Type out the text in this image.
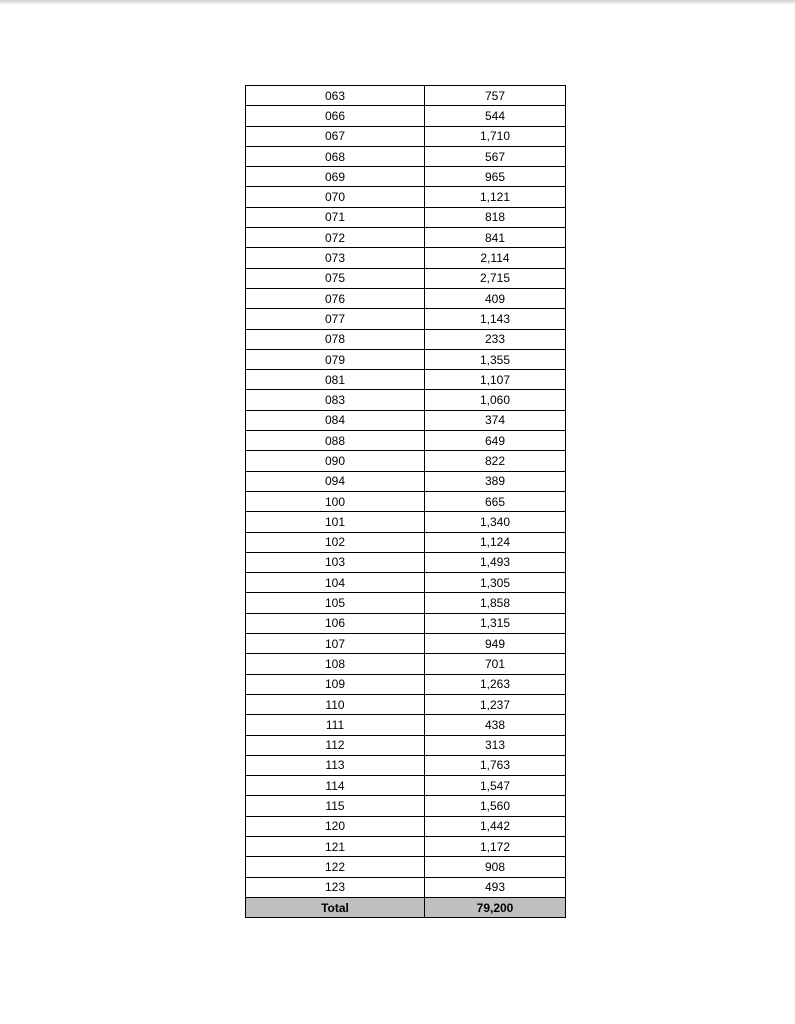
063	757
066	544
067	1,710
068	567
069	965
070	1,121
071	818
072	841
073	2,114
075	2,715
076	409
077	1,143
078	233
079	1,355
081	1,107
083	1,060
084	374
088	649
090	822
094	389
100	665
101	1,340
102	1,124
103	1,493
104	1,305
105	1,858
106	1,315
107	949
108	701
109	1,263
110	1,237
111	438
112	313
113	1,763
114	1,547
115	1,560
120	1,442
121	1,172
122	908
123	493
Total	79,200
